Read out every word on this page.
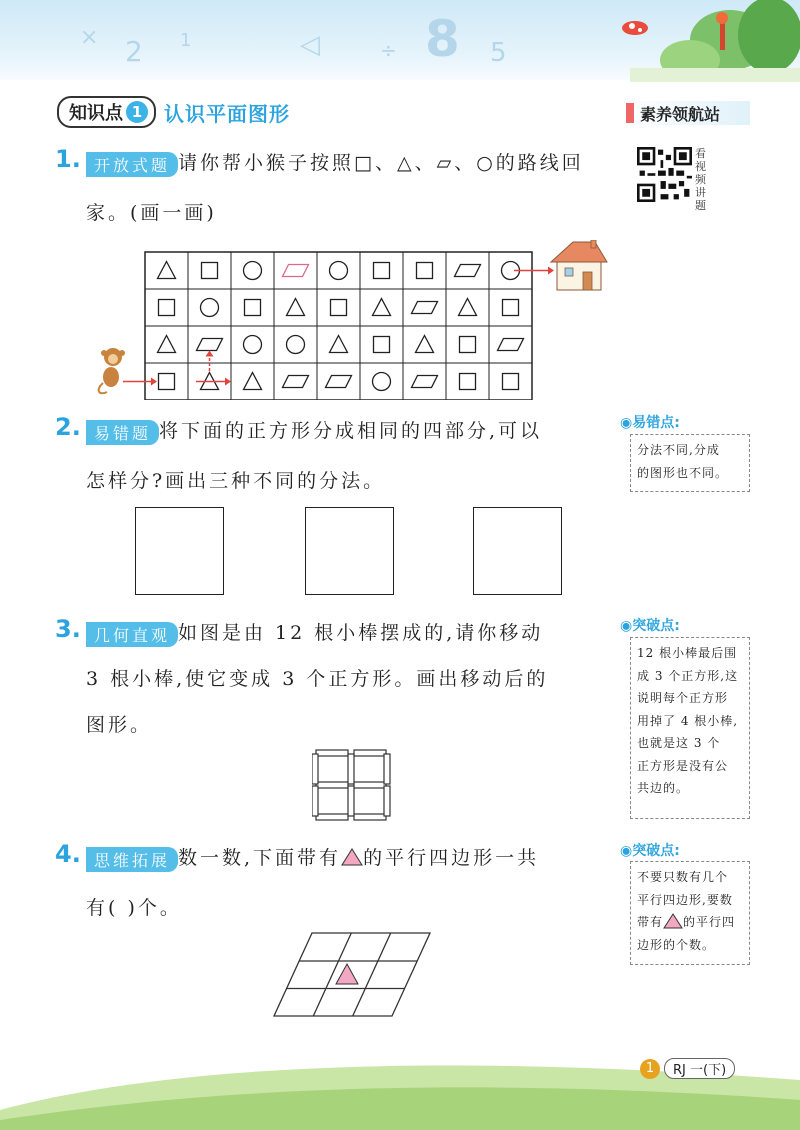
× 2 1	◁	÷ 8 5
知识点 1 认识平面图形	素养领航站
看视频讲题
1. 开放式题 请你帮小猴子按照□、△、▱、○的路线回
家。(画一画)
2. 易错题 将下面的正方形分成相同的四部分,可以
怎样分?画出三种不同的分法。
◉易错点:
分法不同,分成
的图形也不同。
3. 几何直观 如图是由 12 根小棒摆成的,请你移动
3 根小棒,使它变成 3 个正方形。画出移动后的
图形。
◉突破点:
12 根小棒最后围
成 3 个正方形,这
说明每个正方形
用掉了 4 根小棒,
也就是这 3 个
正方形是没有公
共边的。
4. 思维拓展 数一数,下面带有 的平行四边形一共
有( )个。
◉突破点:
不要只数有几个
平行四边形,要数
带有 的平行四
边形的个数。
1	RJ 一(下)
